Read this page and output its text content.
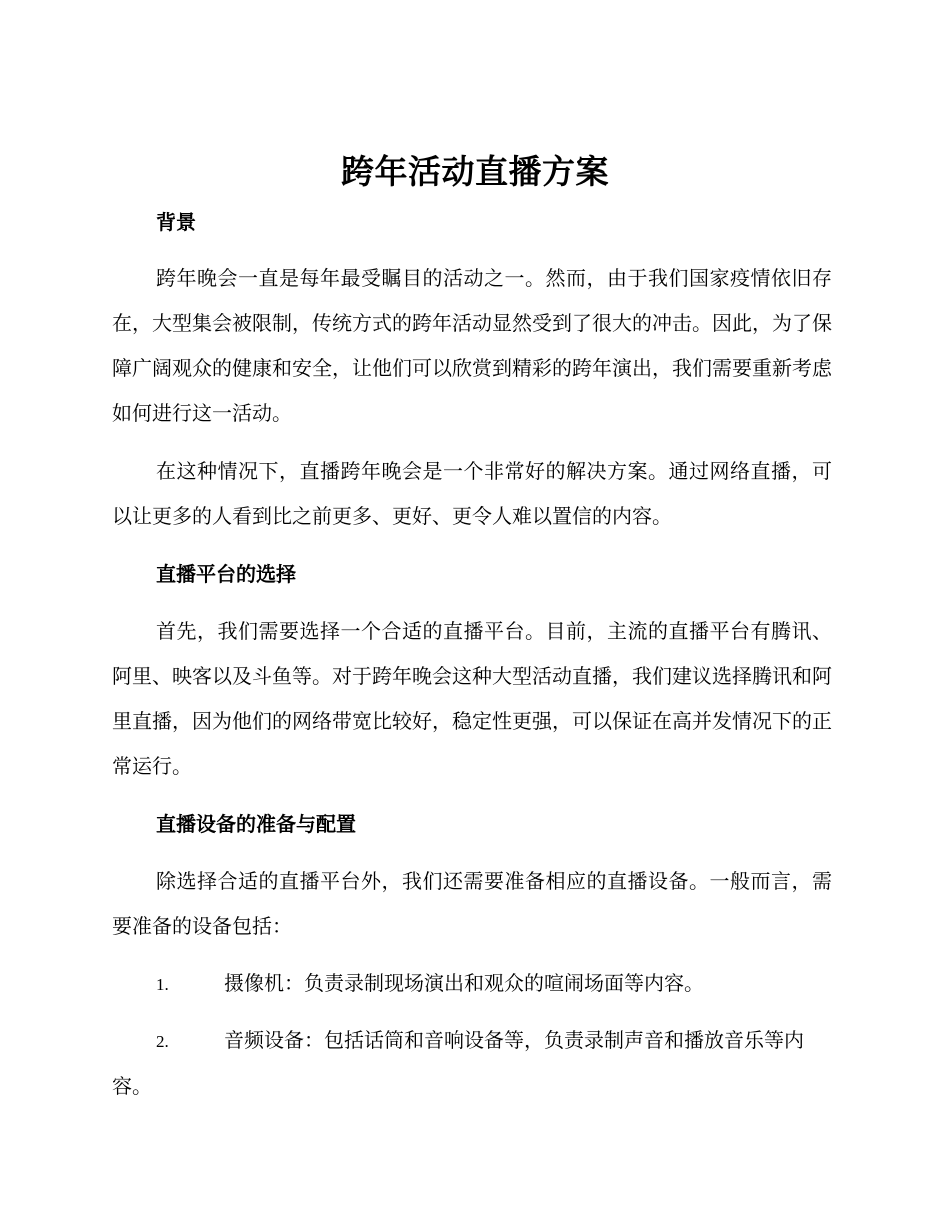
跨年活动直播方案
背景

跨年晚会一直是每年最受瞩目的活动之一。然而，由于我们国家疫情依旧存在，大型集会被限制，传统方式的跨年活动显然受到了很大的冲击。因此，为了保障广阔观众的健康和安全，让他们可以欣赏到精彩的跨年演出，我们需要重新考虑如何进行这一活动。

在这种情况下，直播跨年晚会是一个非常好的解决方案。通过网络直播，可以让更多的人看到比之前更多、更好、更令人难以置信的内容。

直播平台的选择

首先，我们需要选择一个合适的直播平台。目前，主流的直播平台有腾讯、阿里、映客以及斗鱼等。对于跨年晚会这种大型活动直播，我们建议选择腾讯和阿里直播，因为他们的网络带宽比较好，稳定性更强，可以保证在高并发情况下的正常运行。

直播设备的准备与配置

除选择合适的直播平台外，我们还需要准备相应的直播设备。一般而言，需要准备的设备包括：

1.	摄像机：负责录制现场演出和观众的喧闹场面等内容。

2.	音频设备：包括话筒和音响设备等，负责录制声音和播放音乐等内容。
